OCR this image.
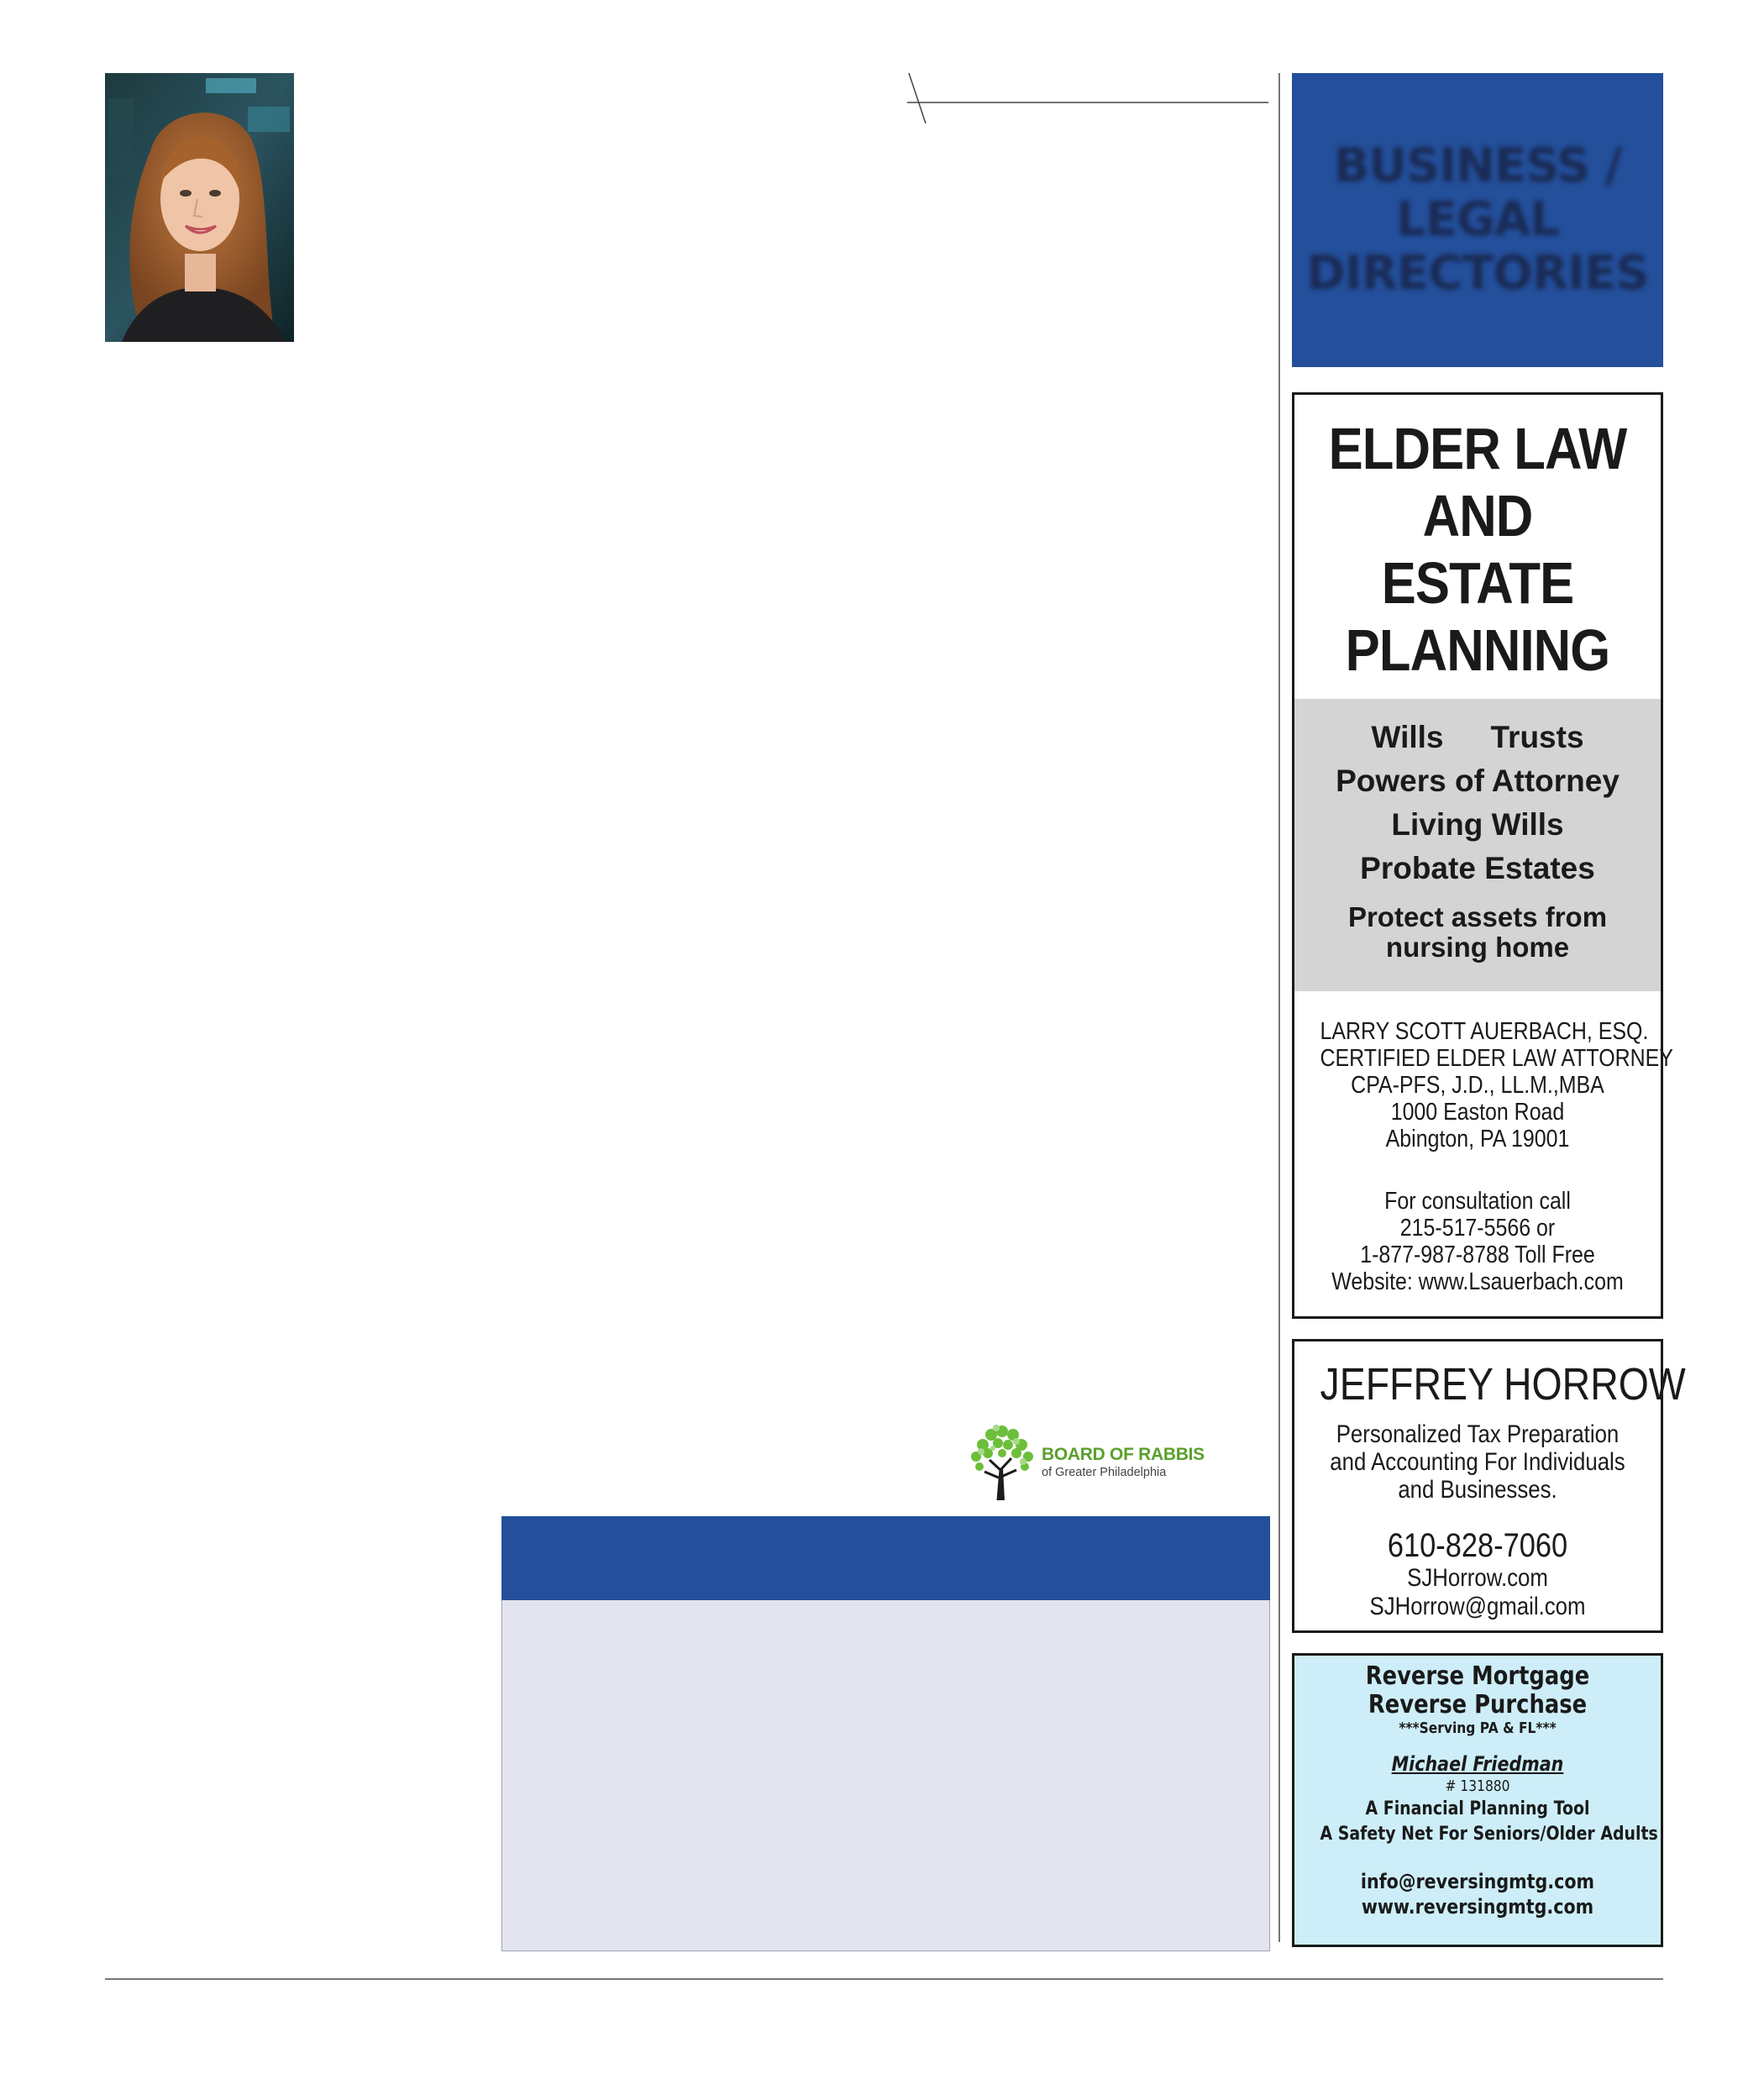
BUSINESS /
LEGAL
DIRECTORIES
ELDER LAW
AND
ESTATE
PLANNING
Wills Trusts
Powers of Attorney
Living Wills
Probate Estates
Protect assets from
nursing home
LARRY SCOTT AUERBACH, ESQ.
CERTIFIED ELDER LAW ATTORNEY
CPA-PFS, J.D., LL.M.,MBA
1000 Easton Road
Abington, PA 19001
For consultation call
215-517-5566 or
1-877-987-8788 Toll Free
Website: www.Lsauerbach.com
JEFFREY HORROW
Personalized Tax Preparation
and Accounting For Individuals
and Businesses.
610-828-7060
SJHorrow.com
SJHorrow@gmail.com
Reverse Mortgage
Reverse Purchase
***Serving PA & FL***
Michael Friedman
# 131880
A Financial Planning Tool
A Safety Net For Seniors/Older Adults
info@reversingmtg.com
www.reversingmtg.com
BOARD OF RABBIS
of Greater Philadelphia
